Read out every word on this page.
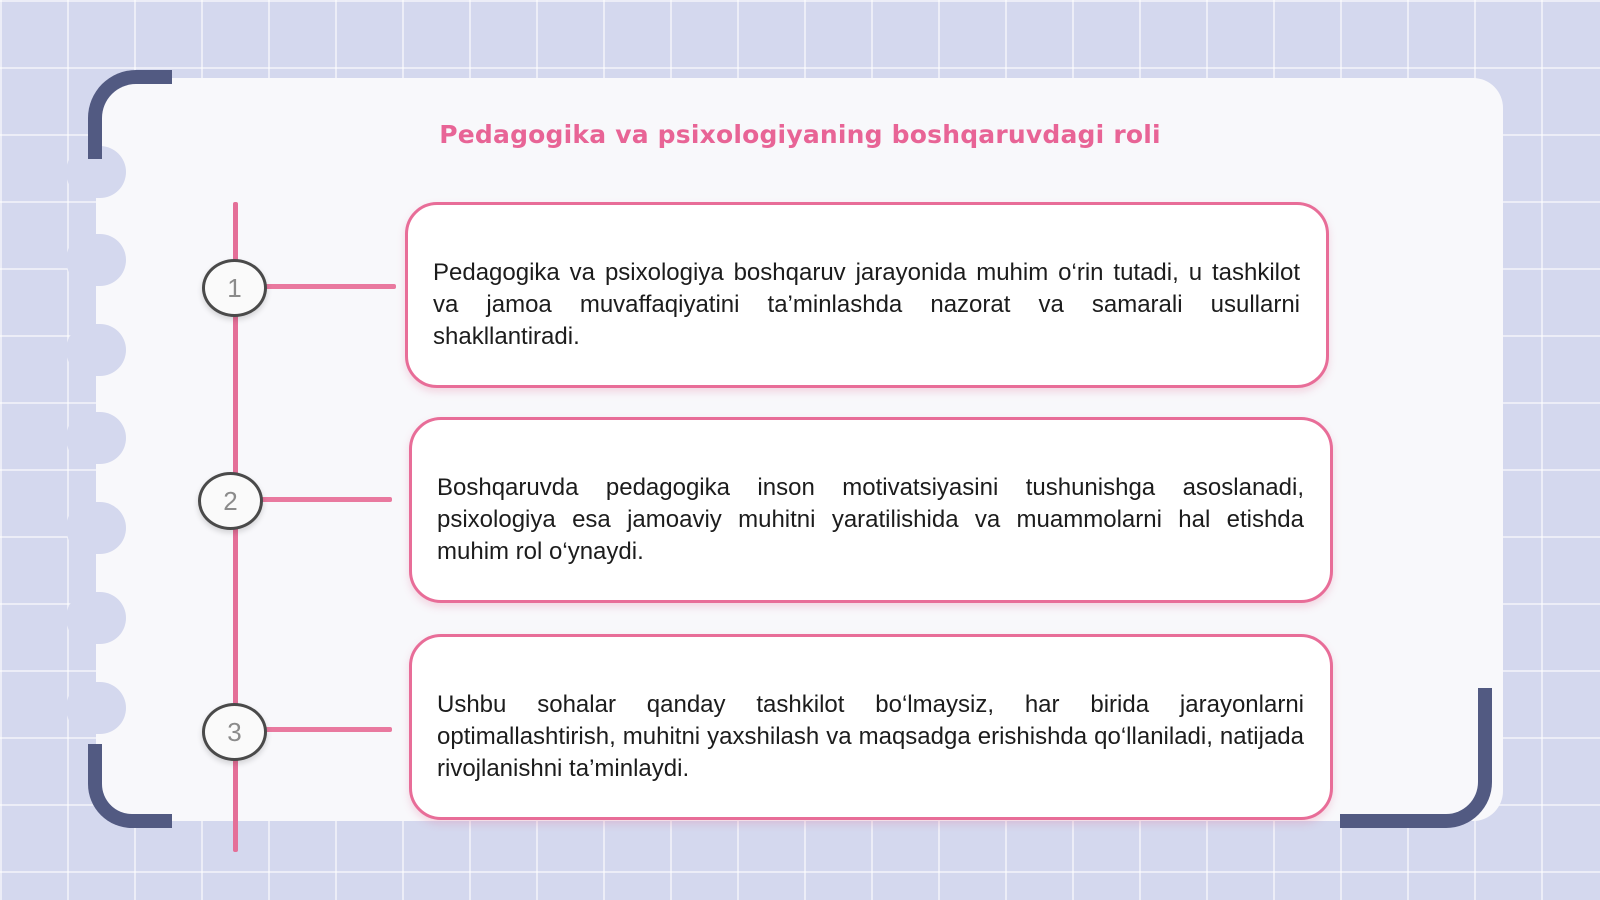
Pedagogika va psixologiyaning boshqaruvdagi roli
1
2
3

Pedagogika va psixologiya boshqaruv jarayonida muhim o‘rin tutadi, u tashkilot va jamoa muvaffaqiyatini ta’minlashda nazorat va samarali usullarni shakllantiradi.

Boshqaruvda pedagogika inson motivatsiyasini tushunishga asoslanadi, psixologiya esa jamoaviy muhitni yaratilishida va muammolarni hal etishda muhim rol o‘ynaydi.

Ushbu sohalar qanday tashkilot bo‘lmaysiz, har birida jarayonlarni optimallashtirish, muhitni yaxshilash va maqsadga erishishda qo‘llaniladi, natijada rivojlanishni ta’minlaydi.
